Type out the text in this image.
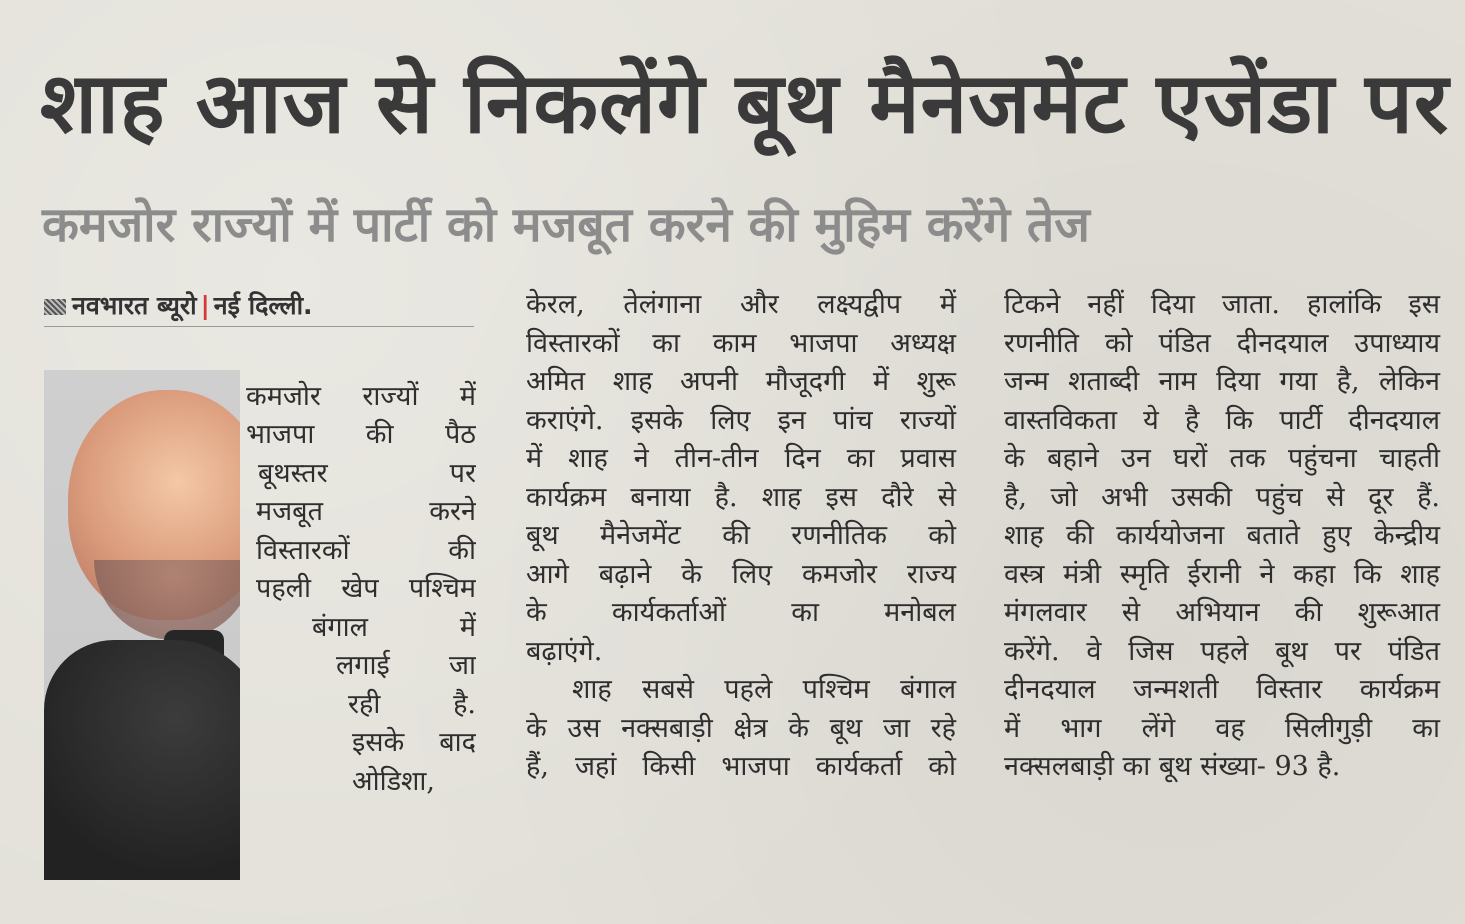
शाह आज से निकलेंगे बूथ मैनेजमेंट एजेंडा पर
कमजोर राज्यों में पार्टी को मजबूत करने की मुहिम करेंगे तेज
नवभारत ब्यूरो | नई दिल्ली.
कमजोर राज्यों में
भाजपा की पैठ
बूथस्तर पर
मजबूत करने
विस्तारकों की
पहली खेप पश्चिम
बंगाल में
लगाई जा
रही है.
इसके बाद
ओडिशा,
केरल, तेलंगाना और लक्ष्यद्वीप में
विस्तारकों का काम भाजपा अध्यक्ष
अमित शाह अपनी मौजूदगी में शुरू
कराएंगे. इसके लिए इन पांच राज्यों
में शाह ने तीन-तीन दिन का प्रवास
कार्यक्रम बनाया है. शाह इस दौरे से
बूथ मैनेजमेंट की रणनीतिक को
आगे बढ़ाने के लिए कमजोर राज्य
के कार्यकर्ताओं का मनोबल
बढ़ाएंगे.
शाह सबसे पहले पश्चिम बंगाल
के उस नक्सबाड़ी क्षेत्र के बूथ जा रहे
हैं, जहां किसी भाजपा कार्यकर्ता को
टिकने नहीं दिया जाता. हालांकि इस
रणनीति को पंडित दीनदयाल उपाध्याय
जन्म शताब्दी नाम दिया गया है, लेकिन
वास्तविकता ये है कि पार्टी दीनदयाल
के बहाने उन घरों तक पहुंचना चाहती
है, जो अभी उसकी पहुंच से दूर हैं.
शाह की कार्ययोजना बताते हुए केन्द्रीय
वस्त्र मंत्री स्मृति ईरानी ने कहा कि शाह
मंगलवार से अभियान की शुरूआत
करेंगे. वे जिस पहले बूथ पर पंडित
दीनदयाल जन्मशती विस्तार कार्यक्रम
में भाग लेंगे वह सिलीगुड़ी का
नक्सलबाड़ी का बूथ संख्या- 93 है.
